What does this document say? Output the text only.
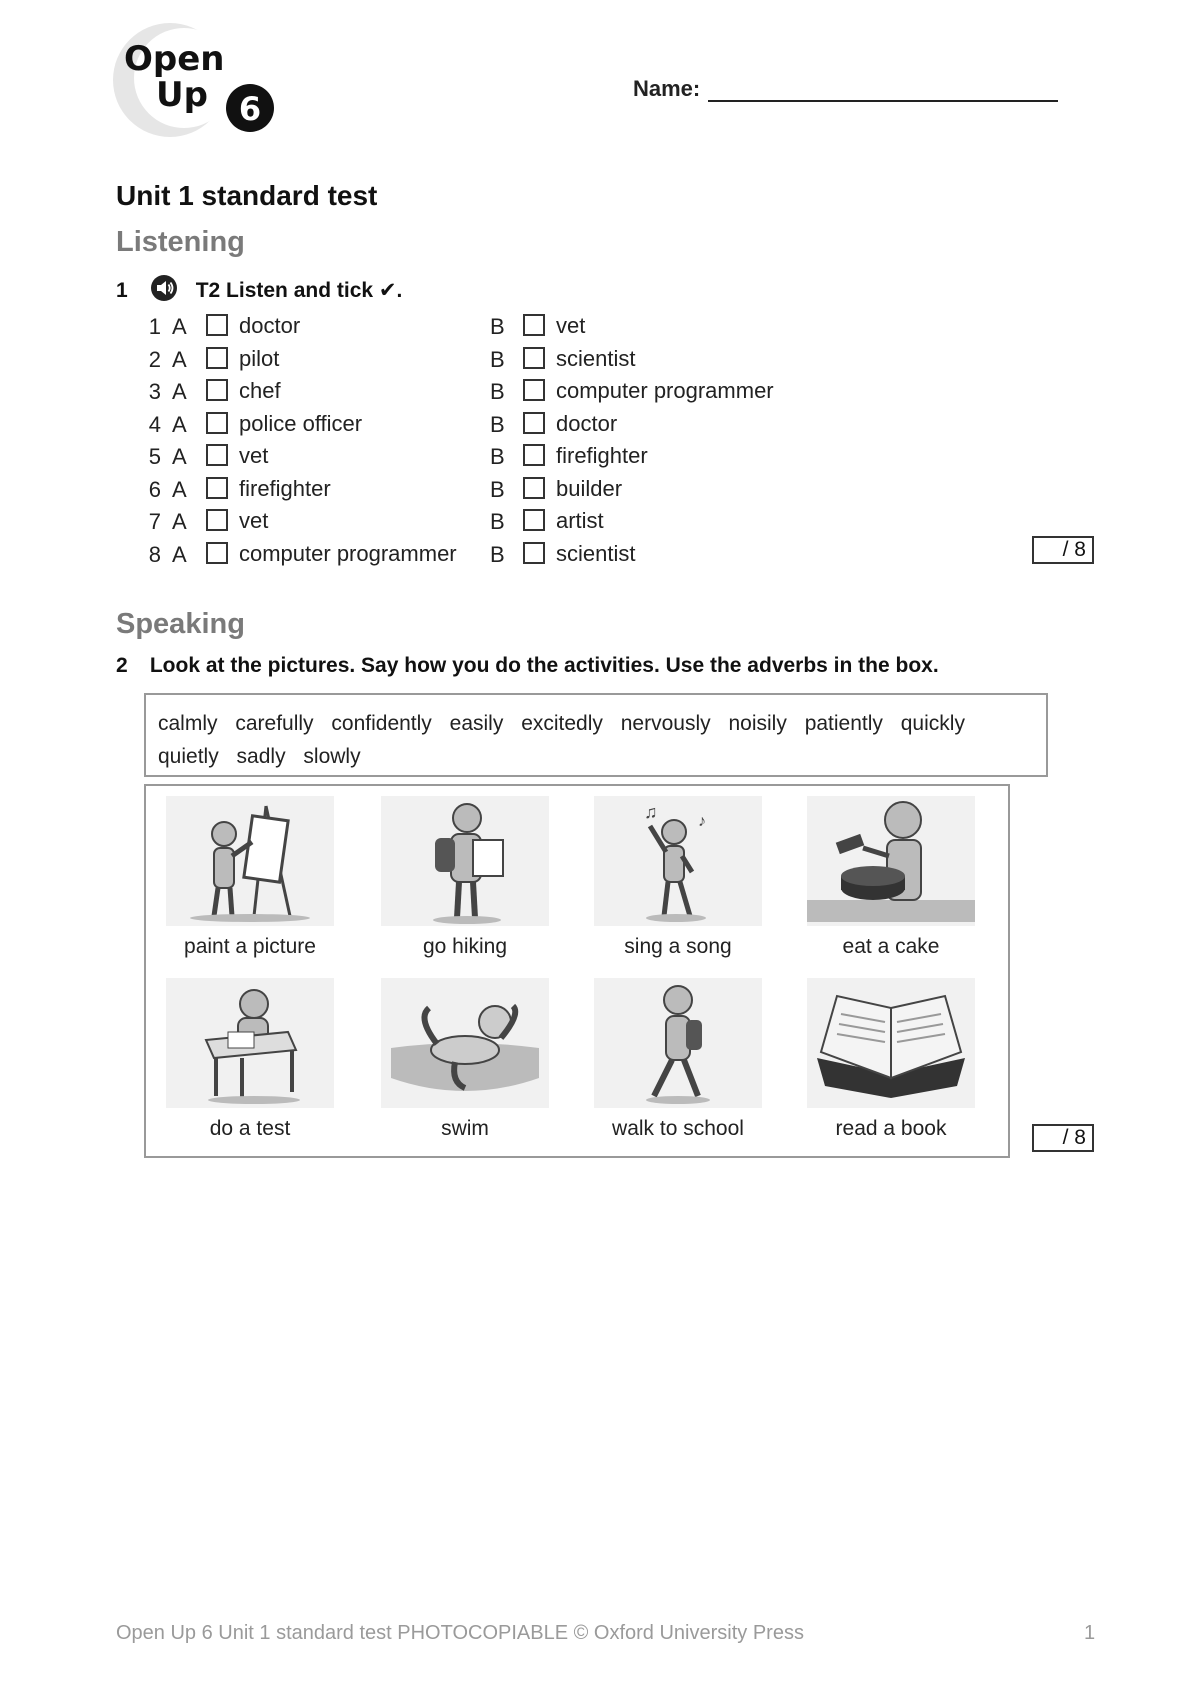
Open
Up 6
Name:
Unit 1 standard test
Listening
1	T2 Listen and tick ✔.
1 A doctor	B vet
2 A pilot	B scientist
3 A chef	B computer programmer
4 A police officer	B doctor
5 A vet	B firefighter
6 A firefighter	B builder
7 A vet	B artist
8 A computer programmer B scientist	/ 8
Speaking
2 Look at the pictures. Say how you do the activities. Use the adverbs in the box.
calmly carefully confidently easily excitedly nervously noisily patiently quickly quietly sadly slowly
paint a picture	go hiking
♫	♪
sing a song	eat a cake
do a test	swim	walk to school	read a book	/ 8
Open Up 6 Unit 1 standard test PHOTOCOPIABLE © Oxford University Press	1
